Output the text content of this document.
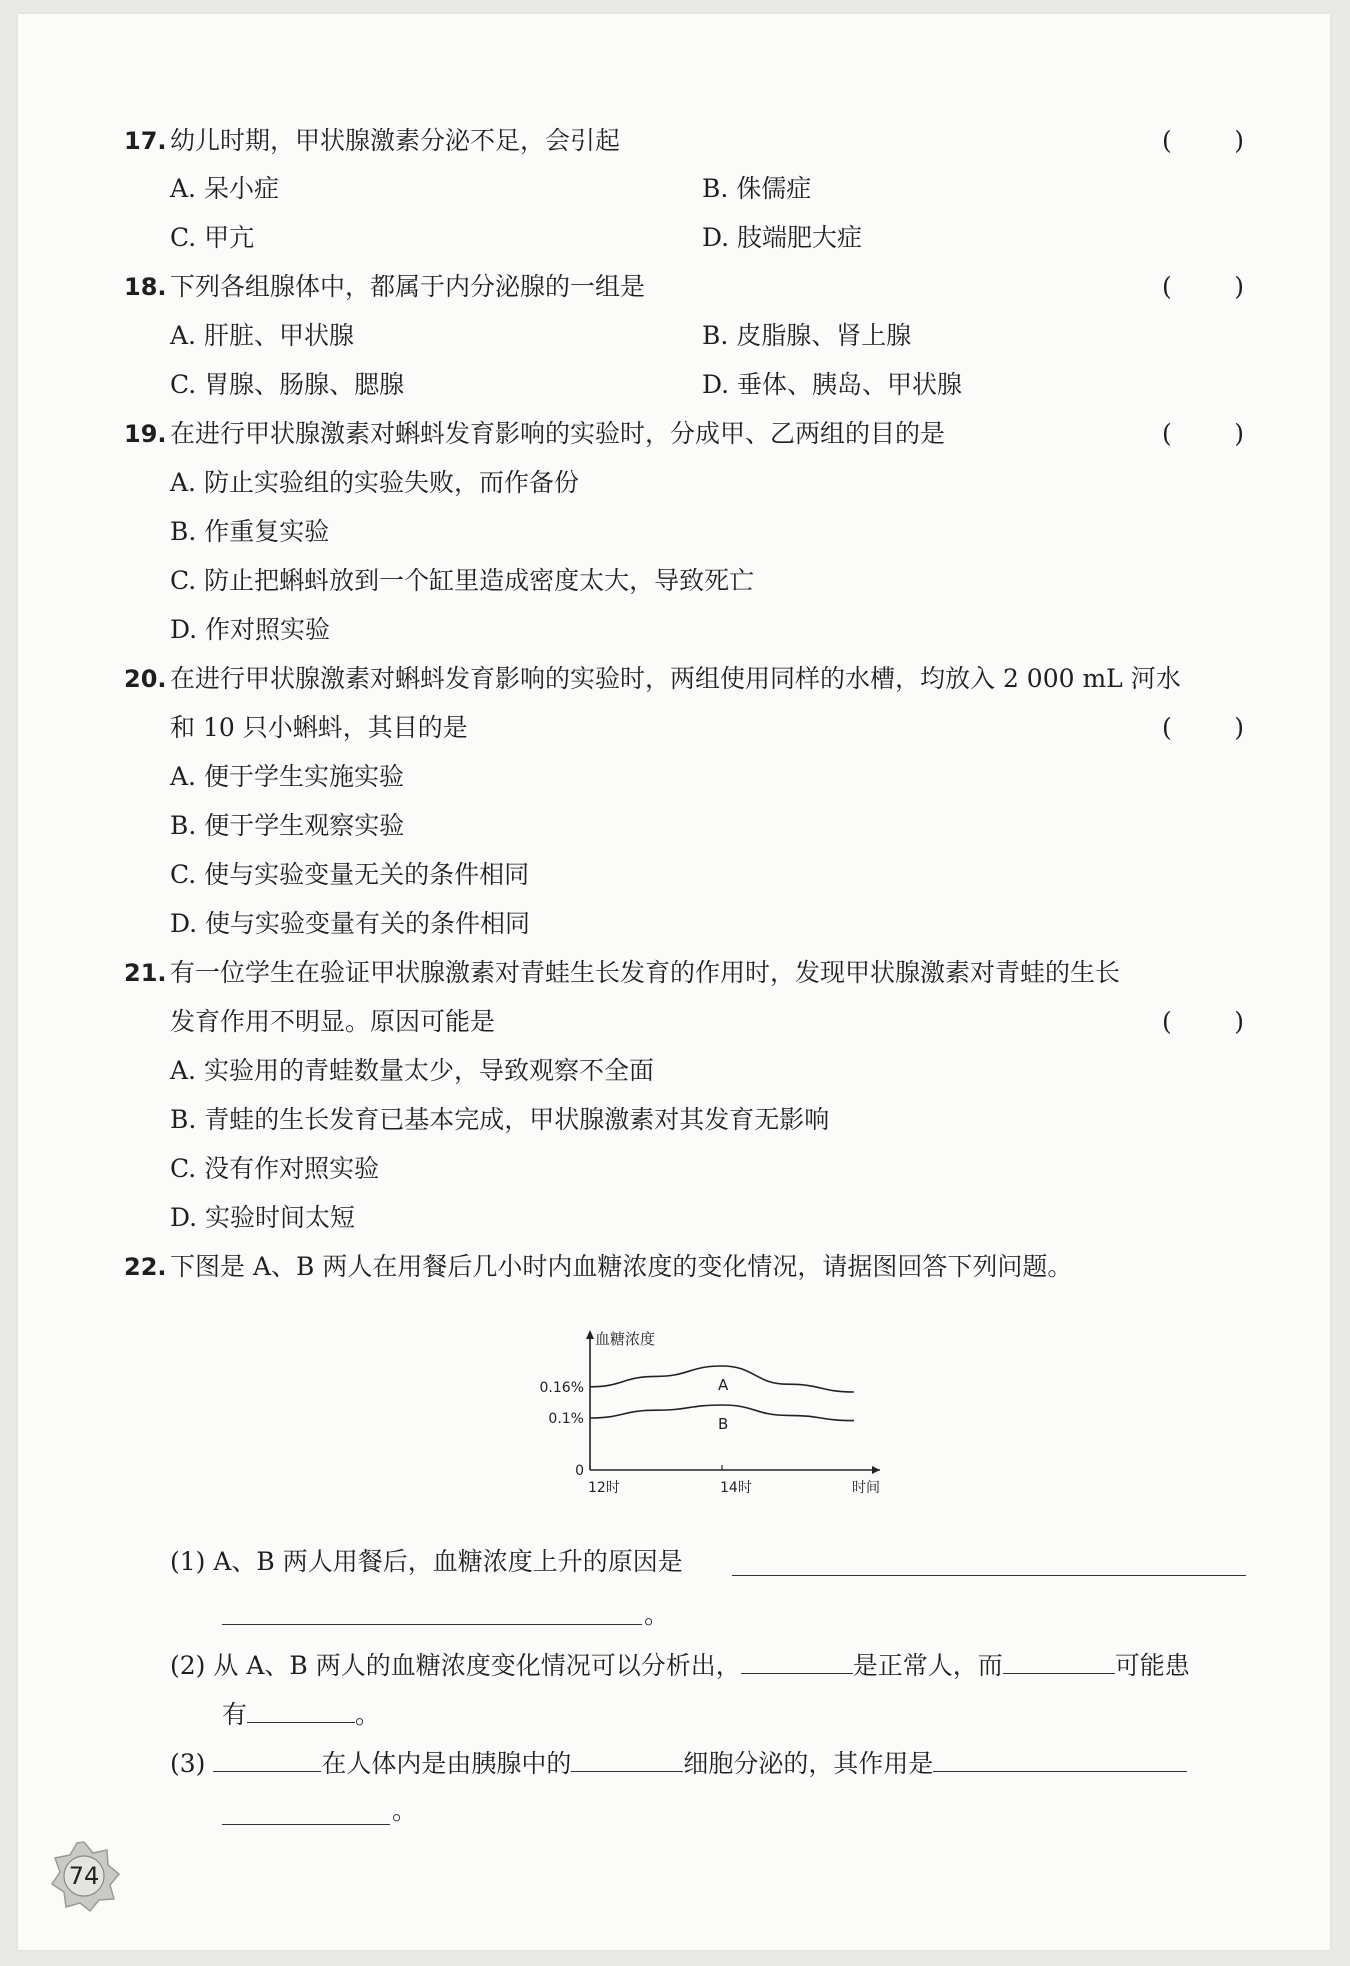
17. 幼儿时期，甲状腺激素分泌不足，会引起	( )
A. 呆小症	B. 侏儒症
C. 甲亢	D. 肢端肥大症
18. 下列各组腺体中，都属于内分泌腺的一组是	( )
A. 肝脏、甲状腺	B. 皮脂腺、肾上腺
C. 胃腺、肠腺、腮腺	D. 垂体、胰岛、甲状腺
19. 在进行甲状腺激素对蝌蚪发育影响的实验时，分成甲、乙两组的目的是	( )
A. 防止实验组的实验失败，而作备份
B. 作重复实验
C. 防止把蝌蚪放到一个缸里造成密度太大，导致死亡
D. 作对照实验
20. 在进行甲状腺激素对蝌蚪发育影响的实验时，两组使用同样的水槽，均放入 2 000 mL 河水
和 10 只小蝌蚪，其目的是	( )
A. 便于学生实施实验
B. 便于学生观察实验
C. 使与实验变量无关的条件相同
D. 使与实验变量有关的条件相同
21. 有一位学生在验证甲状腺激素对青蛙生长发育的作用时，发现甲状腺激素对青蛙的生长
发育作用不明显。原因可能是	( )
A. 实验用的青蛙数量太少，导致观察不全面
B. 青蛙的生长发育已基本完成，甲状腺激素对其发育无影响
C. 没有作对照实验
D. 实验时间太短
22. 下图是 A、B 两人在用餐后几小时内血糖浓度的变化情况，请据图回答下列问题。
血糖浓度
时间
12时	14时
0
0.1%
0.16%	A
B
(1) A、B 两人用餐后，血糖浓度上升的原因是
。
(2) 从 A、B 两人的血糖浓度变化情况可以分析出，	是正常人，而	可能患
有	。
(3)	在人体内是由胰腺中的	细胞分泌的，其作用是
。
74
